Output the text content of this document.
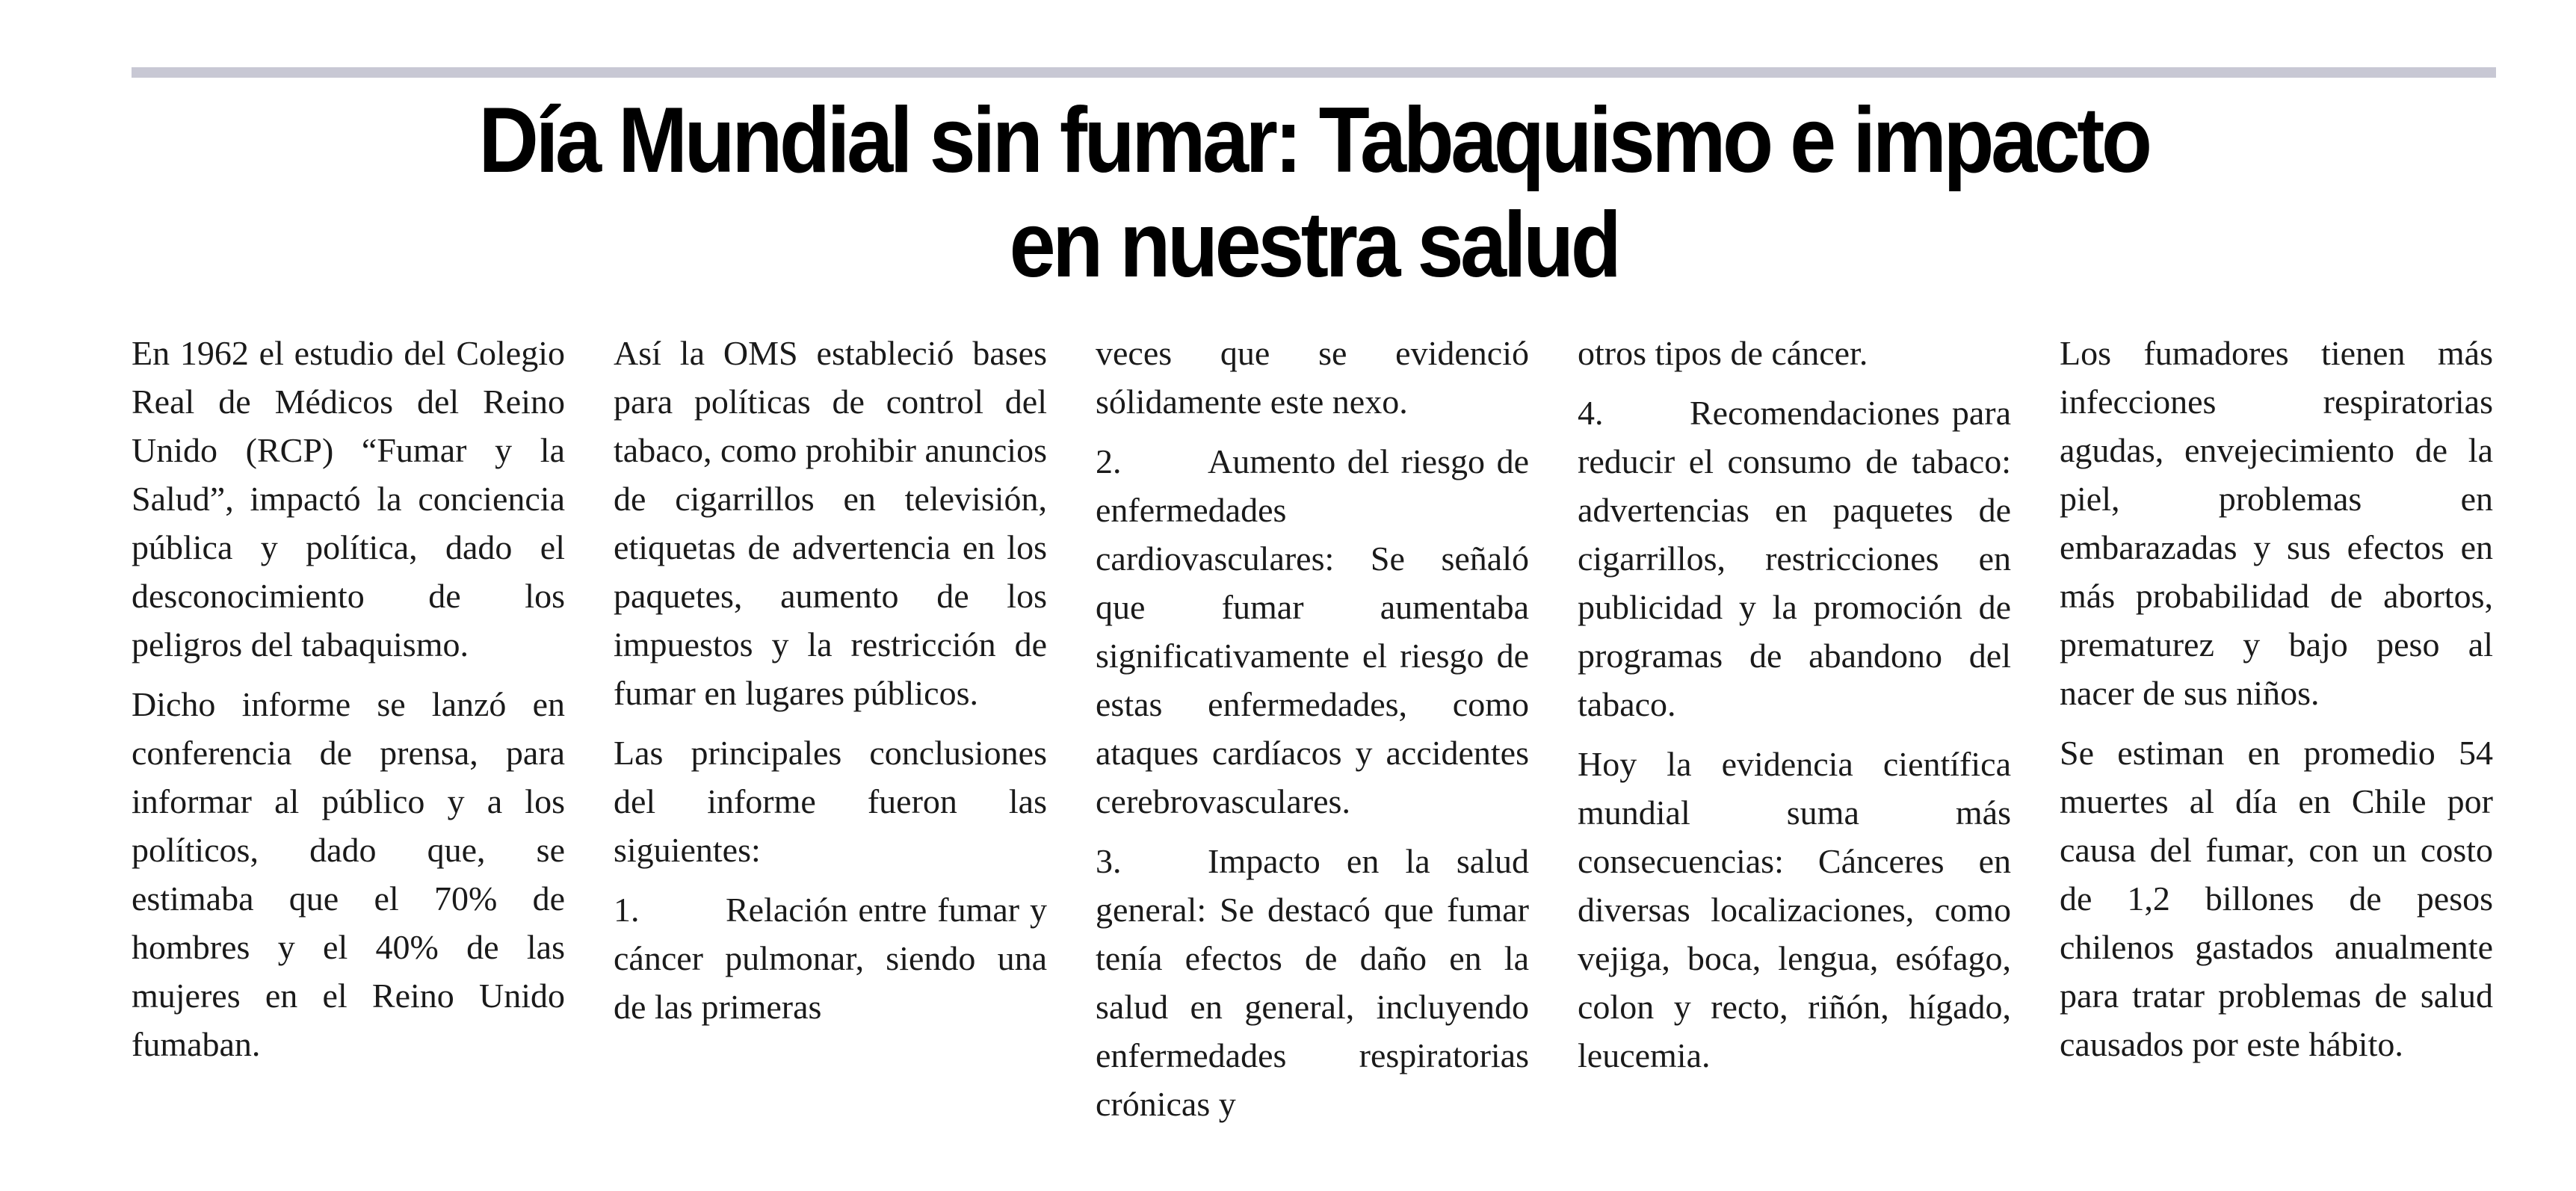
Día Mundial sin fumar: Tabaquismo e impacto
en nuestra salud

En 1962 el estudio del Colegio Real de Médicos del Reino Unido (RCP) “Fumar y la Salud”, impactó la conciencia pública y política, dado el desconocimiento de los peligros del tabaquismo.

Dicho informe se lanzó en conferencia de prensa, para informar al público y a los políticos, dado que, se estimaba que el 70% de hombres y el 40% de las mujeres en el Reino Unido fumaban.

Así la OMS estableció bases para políticas de control del tabaco, como prohibir anuncios de cigarrillos en televisión, etiquetas de advertencia en los paquetes, aumento de los impuestos y la restricción de fumar en lugares públicos.

Las principales conclusiones del informe fueron las siguientes:

1.	Relación entre fumar y cáncer pulmonar, siendo una de las primeras

veces que se evidenció sólidamente este nexo.

2.	Aumento del riesgo de enfermedades cardiovasculares: Se señaló que fumar aumentaba significativamente el riesgo de estas enfermedades, como ataques cardíacos y accidentes cerebrovasculares.

3.	Impacto en la salud general: Se destacó que fumar tenía efectos de daño en la salud en general, incluyendo enfermedades respiratorias crónicas y

otros tipos de cáncer.

4.	Recomendaciones para reducir el consumo de tabaco: advertencias en paquetes de cigarrillos, restricciones en publicidad y la promoción de programas de abandono del tabaco.

Hoy la evidencia científica mundial suma más consecuencias: Cánceres en diversas localizaciones, como vejiga, boca, lengua, esófago, colon y recto, riñón, hígado, leucemia.

Los fumadores tienen más infecciones respiratorias agudas, envejecimiento de la piel, problemas en embarazadas y sus efectos en más probabilidad de abortos, prematurez y bajo peso al nacer de sus niños.

Se estiman en promedio 54 muertes al día en Chile por causa del fumar, con un costo de 1,2 billones de pesos chilenos gastados anualmente para tratar problemas de salud causados por este hábito.
